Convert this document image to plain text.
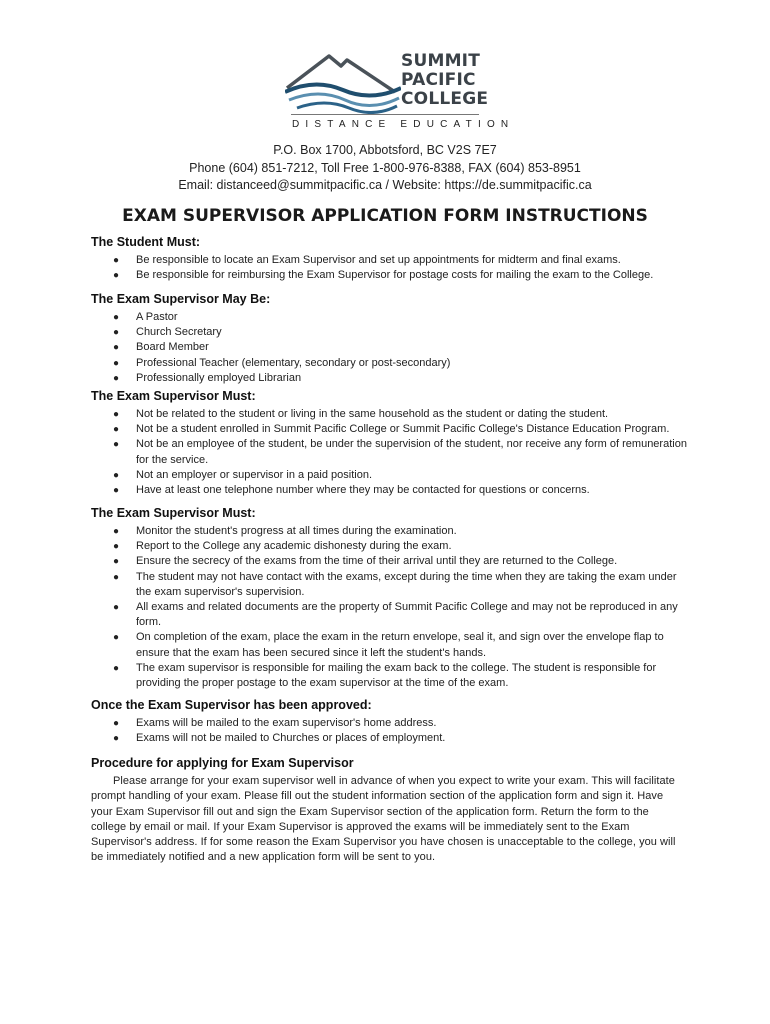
SUMMIT
PACIFIC
COLLEGE
DISTANCE EDUCATION
P.O. Box 1700, Abbotsford, BC V2S 7E7
Phone (604) 851-7212, Toll Free 1-800-976-8388, FAX (604) 853-8951
Email: distanceed@summitpacific.ca / Website: https://de.summitpacific.ca
EXAM SUPERVISOR APPLICATION FORM INSTRUCTIONS
The Student Must:
● Be responsible to locate an Exam Supervisor and set up appointments for midterm and final exams.
● Be responsible for reimbursing the Exam Supervisor for postage costs for mailing the exam to the College.
The Exam Supervisor May Be:
● A Pastor
● Church Secretary
● Board Member
● Professional Teacher (elementary, secondary or post-secondary)
● Professionally employed Librarian
The Exam Supervisor Must:
● Not be related to the student or living in the same household as the student or dating the student.
● Not be a student enrolled in Summit Pacific College or Summit Pacific College's Distance Education Program.
● Not be an employee of the student, be under the supervision of the student, nor receive any form of remuneration for the service.
● Not an employer or supervisor in a paid position.
● Have at least one telephone number where they may be contacted for questions or concerns.
The Exam Supervisor Must:
● Monitor the student's progress at all times during the examination.
● Report to the College any academic dishonesty during the exam.
● Ensure the secrecy of the exams from the time of their arrival until they are returned to the College.
● The student may not have contact with the exams, except during the time when they are taking the exam under the exam supervisor's supervision.
● All exams and related documents are the property of Summit Pacific College and may not be reproduced in any form.
● On completion of the exam, place the exam in the return envelope, seal it, and sign over the envelope flap to ensure that the exam has been secured since it left the student's hands.
● The exam supervisor is responsible for mailing the exam back to the college. The student is responsible for providing the proper postage to the exam supervisor at the time of the exam.
Once the Exam Supervisor has been approved:
● Exams will be mailed to the exam supervisor's home address.
● Exams will not be mailed to Churches or places of employment.
Procedure for applying for Exam Supervisor

Please arrange for your exam supervisor well in advance of when you expect to write your exam. This will facilitate prompt handling of your exam. Please fill out the student information section of the application form and sign it. Have your Exam Supervisor fill out and sign the Exam Supervisor section of the application form. Return the form to the college by email or mail. If your Exam Supervisor is approved the exams will be immediately sent to the Exam Supervisor's address. If for some reason the Exam Supervisor you have chosen is unacceptable to the college, you will be immediately notified and a new application form will be sent to you.
